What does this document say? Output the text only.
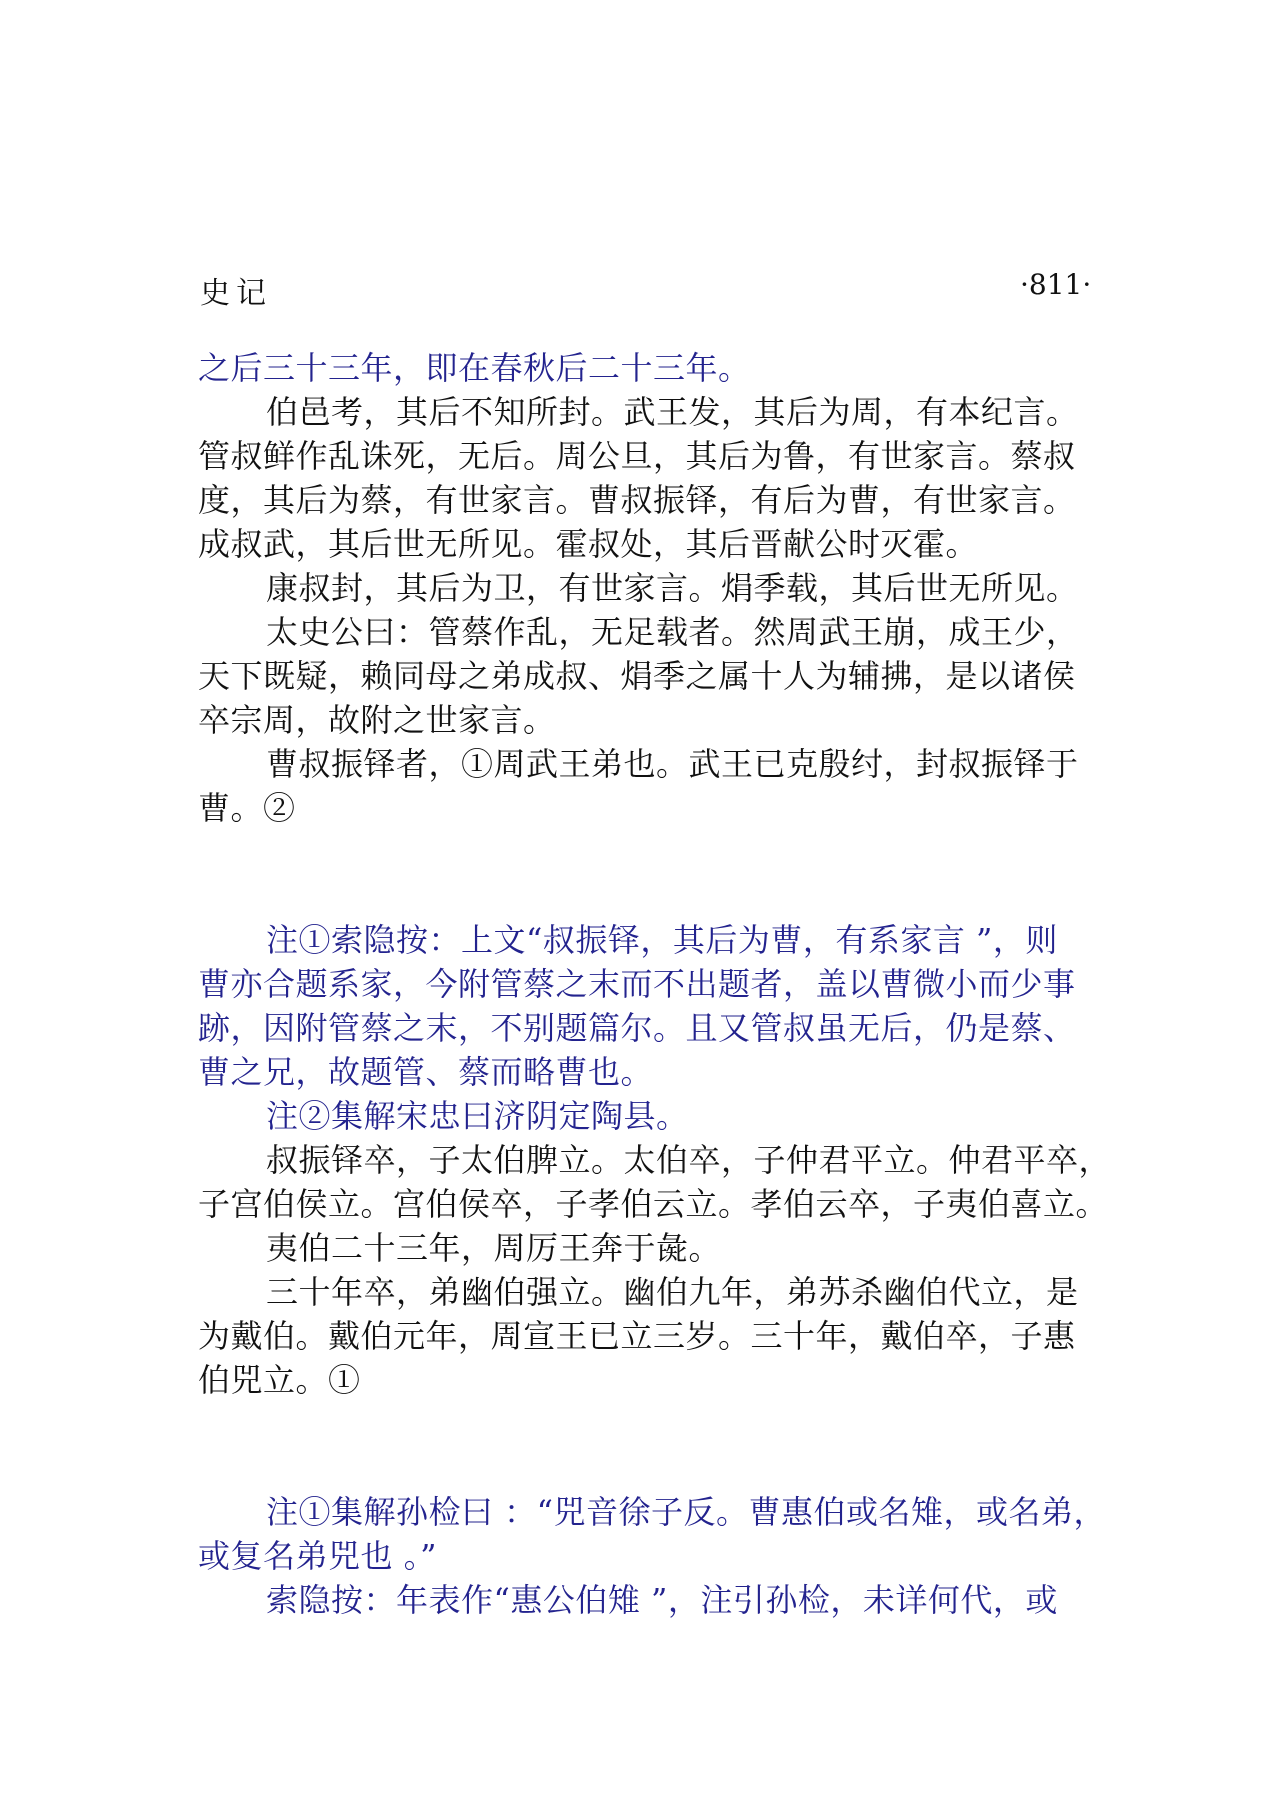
史记	·811·
之后三十三年，即在春秋后二十三年。
伯邑考，其后不知所封。武王发，其后为周，有本纪言。
管叔鲜作乱诛死，无后。周公旦，其后为鲁，有世家言。蔡叔
度，其后为蔡，有世家言。曹叔振铎，有后为曹，有世家言。
成叔武，其后世无所见。霍叔处，其后晋献公时灭霍。
康叔封，其后为卫，有世家言。焆季载，其后世无所见。
太史公曰：管蔡作乱，无足载者。然周武王崩，成王少，
天下既疑，赖同母之弟成叔、焆季之属十人为辅拂，是以诸侯
卒宗周，故附之世家言。
曹叔振铎者，①周武王弟也。武王已克殷纣，封叔振铎于
曹。②
注①索隐按：上文“叔振铎，其后为曹，有系家言 ”，则
曹亦合题系家，今附管蔡之末而不出题者，盖以曹微小而少事
跡，因附管蔡之末，不别题篇尔。且又管叔虽无后，仍是蔡、
曹之兄，故题管、蔡而略曹也。
注②集解宋忠曰济阴定陶县。
叔振铎卒，子太伯脾立。太伯卒，子仲君平立。仲君平卒，
子宫伯侯立。宫伯侯卒，子孝伯云立。孝伯云卒，子夷伯喜立。
夷伯二十三年，周厉王奔于彘。
三十年卒，弟幽伯强立。幽伯九年，弟苏杀幽伯代立，是
为戴伯。戴伯元年，周宣王已立三岁。三十年，戴伯卒，子惠
伯兕立。①
注①集解孙检曰 ：“兕音徐子反。曹惠伯或名雉，或名弟，
或复名弟兕也 。”
索隐按：年表作“惠公伯雉 ”，注引孙检，未详何代，或
